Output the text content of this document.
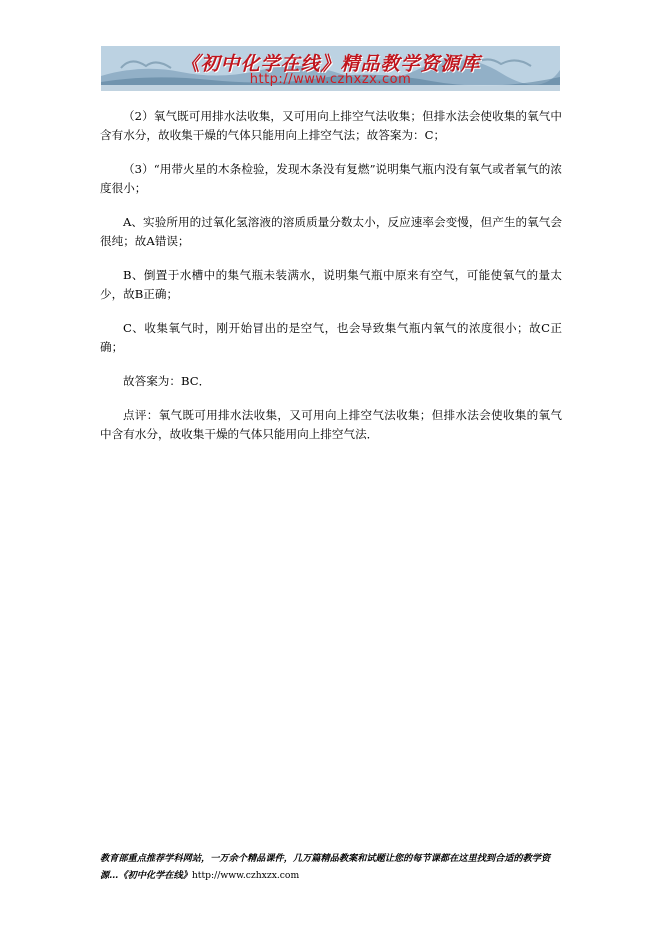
《初中化学在线》精品教学资源库
http://www.czhxzx.com

（2）氧气既可用排水法收集，又可用向上排空气法收集；但排水法会使收集的氧气中含有水分，故收集干燥的气体只能用向上排空气法；故答案为：C；

（3）“用带火星的木条检验，发现木条没有复燃”说明集气瓶内没有氧气或者氧气的浓度很小；

A、实验所用的过氧化氢溶液的溶质质量分数太小，反应速率会变慢，但产生的氧气会很纯；故A错误；

B、倒置于水槽中的集气瓶未装满水，说明集气瓶中原来有空气，可能使氧气的量太少，故B正确；

C、收集氧气时，刚开始冒出的是空气，也会导致集气瓶内氧气的浓度很小；故C正确；

故答案为：BC．

点评：氧气既可用排水法收集，又可用向上排空气法收集；但排水法会使收集的氧气中含有水分，故收集干燥的气体只能用向上排空气法．

教育部重点推荐学科网站，一万余个精品课件，几万篇精品教案和试题让您的每节课都在这里找到合适的教学资源…《初中化学在线》http://www.czhxzx.com
